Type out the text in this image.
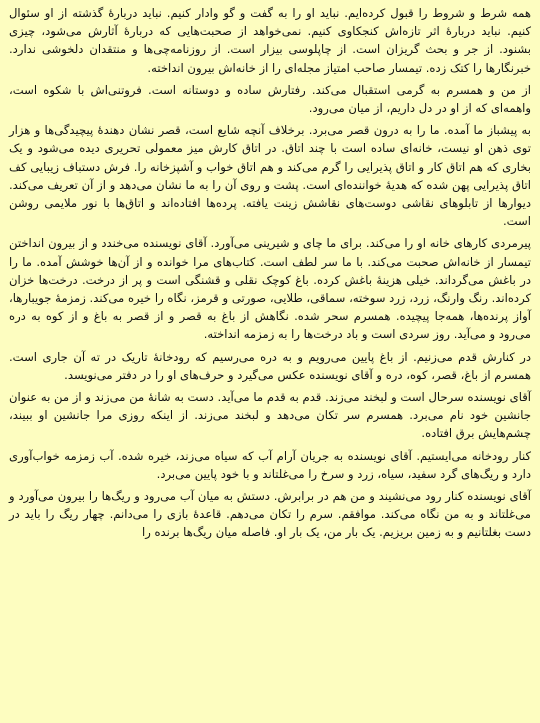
همه شرط و شروط را قبول کرده‌ایم. نباید او را به گفت و گو وادار کنیم. نباید دربارهٔ گذشته از او سئوال کنیم. نباید دربارهٔ اثر تازه‌اش کنجکاوی کنیم. نمی‌خواهد از صحبت‌هایی که دربارهٔ آثارش می‌شود، چیزی بشنود. از جر و بحث گریزان است. از چاپلوسی بیزار است. از روزنامه‌چی‌ها و منتقدان دلخوشی ندارد. خبرنگارها را کتک زده. تیمسار صاحب امتیاز مجله‌ای را از خانه‌اش بیرون انداخته.

از من و همسرم به گرمی استقبال می‌کند. رفتارش ساده و دوستانه است. فروتنی‌اش با شکوه است، واهمه‌ای که از او در دل داریم، از میان می‌رود.

به پیشباز ما آمده. ما را به درون قصر می‌برد. برخلاف آنچه شایع است، قصر نشان دهندهٔ پیچیدگی‌ها و هزار توی ذهن او نیست، خانه‌ای ساده است با چند اتاق. در اتاق کارش میز معمولی تحریری دیده می‌شود و یک بخاری که هم اتاق کار و اتاق پذیرایی را گرم می‌کند و هم اتاق خواب و آشپزخانه را. فرش دستباف زیبایی کف اتاق پذیرایی پهن شده که هدیهٔ خواننده‌ای است. پشت و روی آن را به ما نشان می‌دهد و از آن تعریف می‌کند. دیوارها از تابلوهای نقاشی دوست‌های نقاشش زینت یافته. پرده‌ها افتاده‌اند و اتاق‌ها با نور ملایمی روشن است.

پیرمردی کارهای خانه او را می‌کند. برای ما چای و شیرینی می‌آورد. آقای نویسنده می‌خندد و از بیرون انداختن تیمسار از خانه‌اش صحبت می‌کند. با ما سر لطف است. کتاب‌های مرا خوانده و از آن‌ها خوشش آمده. ما را در باغش می‌گرداند. خیلی هزینهٔ باغش کرده. باغ کوچک نقلی و قشنگی است و پر از درخت. درخت‌ها خزان کرده‌اند. رنگ وارنگ، زرد، زرد سوخته، سماقی، طلایی، صورتی و قرمز، نگاه را خیره می‌کند. زمزمهٔ جویبارها، آواز پرنده‌ها، همه‌جا پیچیده. همسرم سحر شده. نگاهش از باغ به قصر و از قصر به باغ و از کوه به دره می‌رود و می‌آید. روز سردی است و باد درخت‌ها را به زمزمه انداخته.

در کنارش قدم می‌زنیم. از باغ پایین می‌رویم و به دره می‌رسیم که رودخانهٔ تاریک در ته آن جاری است. همسرم از باغ، قصر، کوه، دره و آقای نویسنده عکس می‌گیرد و حرف‌های او را در دفتر می‌نویسد.

آقای نویسنده سرحال است و لبخند می‌زند. قدم به قدم ما می‌آید. دست به شانهٔ من می‌زند و از من به عنوان جانشین خود نام می‌برد. همسرم سر تکان می‌دهد و لبخند می‌زند. از اینکه روزی مرا جانشین او ببیند، چشم‌هایش برق افتاده.

کنار رودخانه می‌ایستیم. آقای نویسنده به جریان آرام آب که سیاه می‌زند، خیره شده. آب زمزمه خواب‌آوری دارد و ریگ‌های گرد سفید، سیاه، زرد و سرخ را می‌غلتاند و با خود پایین می‌برد.

آقای نویسنده کنار رود می‌نشیند و من هم در برابرش. دستش به میان آب می‌رود و ریگ‌ها را بیرون می‌آورد و می‌غلتاند و به من نگاه می‌کند. موافقم. سرم را تکان می‌دهم. قاعدهٔ بازی را می‌دانم. چهار ریگ را باید در دست بغلتانیم و به زمین بریزیم. یک بار من، یک بار او. فاصله میان ریگ‌ها برنده را
